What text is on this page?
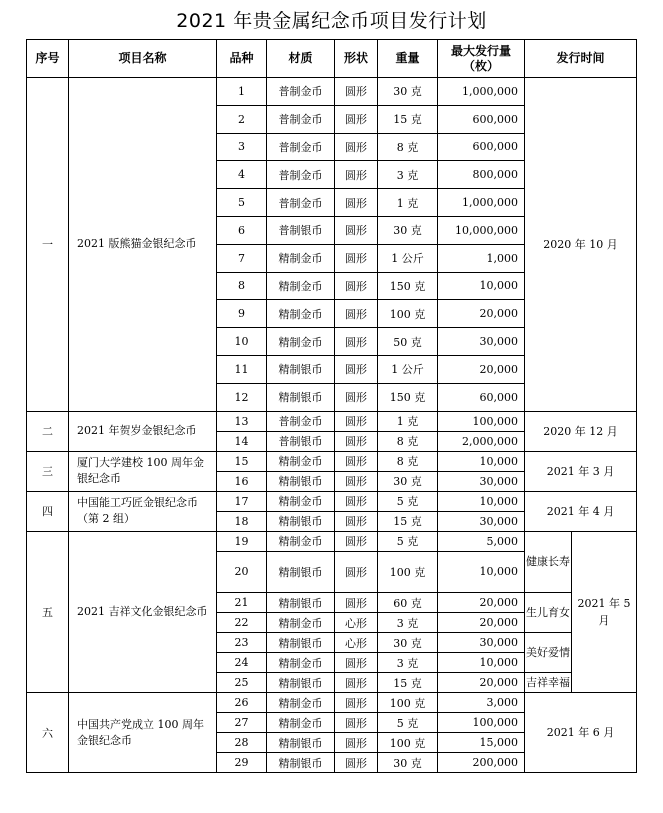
2021 年贵金属纪念币项目发行计划
序号	项目名称	品种	材质	形状	重量	最大发行量（枚）	发行时间	
一	2021 版熊猫金银纪念币	1	普制金币	圆形	30 克	1,000,000	2020 年 10 月	
		2	普制金币	圆形	15 克	600,000		
		3	普制金币	圆形	8 克	600,000		
		4	普制金币	圆形	3 克	800,000		
		5	普制金币	圆形	1 克	1,000,000		
		6	普制银币	圆形	30 克	10,000,000		
		7	精制金币	圆形	1 公斤	1,000		
		8	精制金币	圆形	150 克	10,000		
		9	精制金币	圆形	100 克	20,000		
		10	精制金币	圆形	50 克	30,000		
		11	精制银币	圆形	1 公斤	20,000		
		12	精制银币	圆形	150 克	60,000		
二	2021 年贺岁金银纪念币	13	普制金币	圆形	1 克	100,000	2020 年 12 月	
		14	普制银币	圆形	8 克	2,000,000		
三	厦门大学建校 100 周年金银纪念币	15	精制金币	圆形	8 克	10,000	2021 年 3 月	
		16	精制银币	圆形	30 克	30,000		
四	中国能工巧匠金银纪念币（第 2 组）	17	精制金币	圆形	5 克	10,000	2021 年 4 月	
		18	精制银币	圆形	15 克	30,000		
五	2021 吉祥文化金银纪念币	19	精制金币	圆形	5 克	5,000	健康长寿	2021 年 5 月
		20	精制银币	圆形	100 克	10,000		
		21	精制银币	圆形	60 克	20,000	生儿育女	
		22	精制金币	心形	3 克	20,000		
		23	精制银币	心形	30 克	30,000	美好爱情	
		24	精制金币	圆形	3 克	10,000		
		25	精制银币	圆形	15 克	20,000	吉祥幸福	
六	中国共产党成立 100 周年金银纪念币	26	精制金币	圆形	100 克	3,000	2021 年 6 月	
		27	精制金币	圆形	5 克	100,000		
		28	精制银币	圆形	100 克	15,000		
		29	精制银币	圆形	30 克	200,000		
